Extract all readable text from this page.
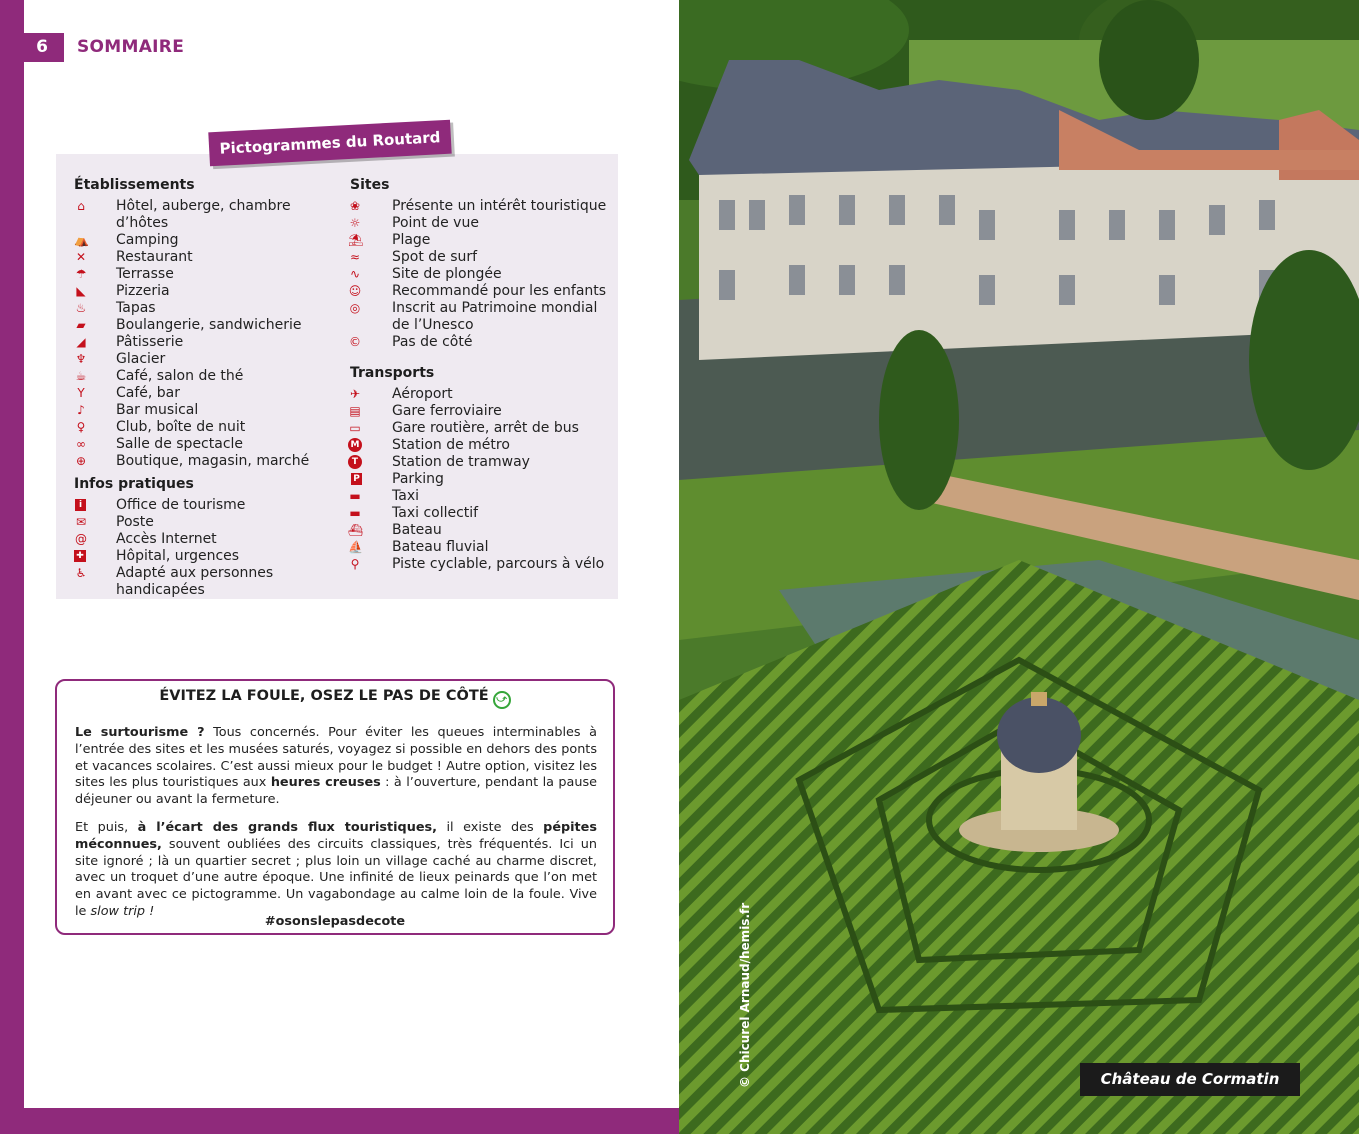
6	SOMMAIRE
Pictogrammes du Routard
Établissements
⌂ Hôtel, auberge, chambre d’hôtes
⛺ Camping
✕ Restaurant
☂ Terrasse
◣ Pizzeria
♨ Tapas
▰ Boulangerie, sandwicherie
◢ Pâtisserie
♆ Glacier
☕ Café, salon de thé
Y Café, bar
♪ Bar musical
♀ Club, boîte de nuit
∞ Salle de spectacle
⊕ Boutique, magasin, marché
Infos pratiques
i Office de tourisme
✉ Poste
@ Accès Internet
✚ Hôpital, urgences
♿ Adapté aux personnes
handicapées
Sites
❀ Présente un intérêt touristique
☼ Point de vue
⛱ Plage
≈ Spot de surf
∿ Site de plongée
☺ Recommandé pour les enfants
◎ Inscrit au Patrimoine mondial
de l’Unesco
© Pas de côté
Transports
✈ Aéroport
▤ Gare ferroviaire
▭ Gare routière, arrêt de bus
M Station de métro
T Station de tramway
P Parking
▬ Taxi
▬ Taxi collectif
⛴ Bateau
⛵ Bateau fluvial
⚲ Piste cyclable, parcours à vélo
ÉVITEZ LA FOULE, OSEZ LE PAS DE CÔTÉ ⤻
Le surtourisme ? Tous concernés. Pour éviter les queues interminables à l’entrée des sites et les musées saturés, voyagez si possible en dehors des ponts et vacances scolaires. C’est aussi mieux pour le budget ! Autre option, visitez les sites les plus touristiques aux heures creuses : à l’ouverture, pendant la pause déjeuner ou avant la fermeture.
Et puis, à l’écart des grands flux touristiques, il existe des pépites méconnues, souvent oubliées des circuits classiques, très fréquentés. Ici un site ignoré ; là un quartier secret ; plus loin un village caché au charme discret, avec un troquet d’une autre époque. Une infinité de lieux peinards que l’on met en avant avec ce pictogramme. Un vagabondage au calme loin de la foule. Vive le slow trip !
#osonslepasdecote	© Chicurel Arnaud/hemis.fr	Château de Cormatin
